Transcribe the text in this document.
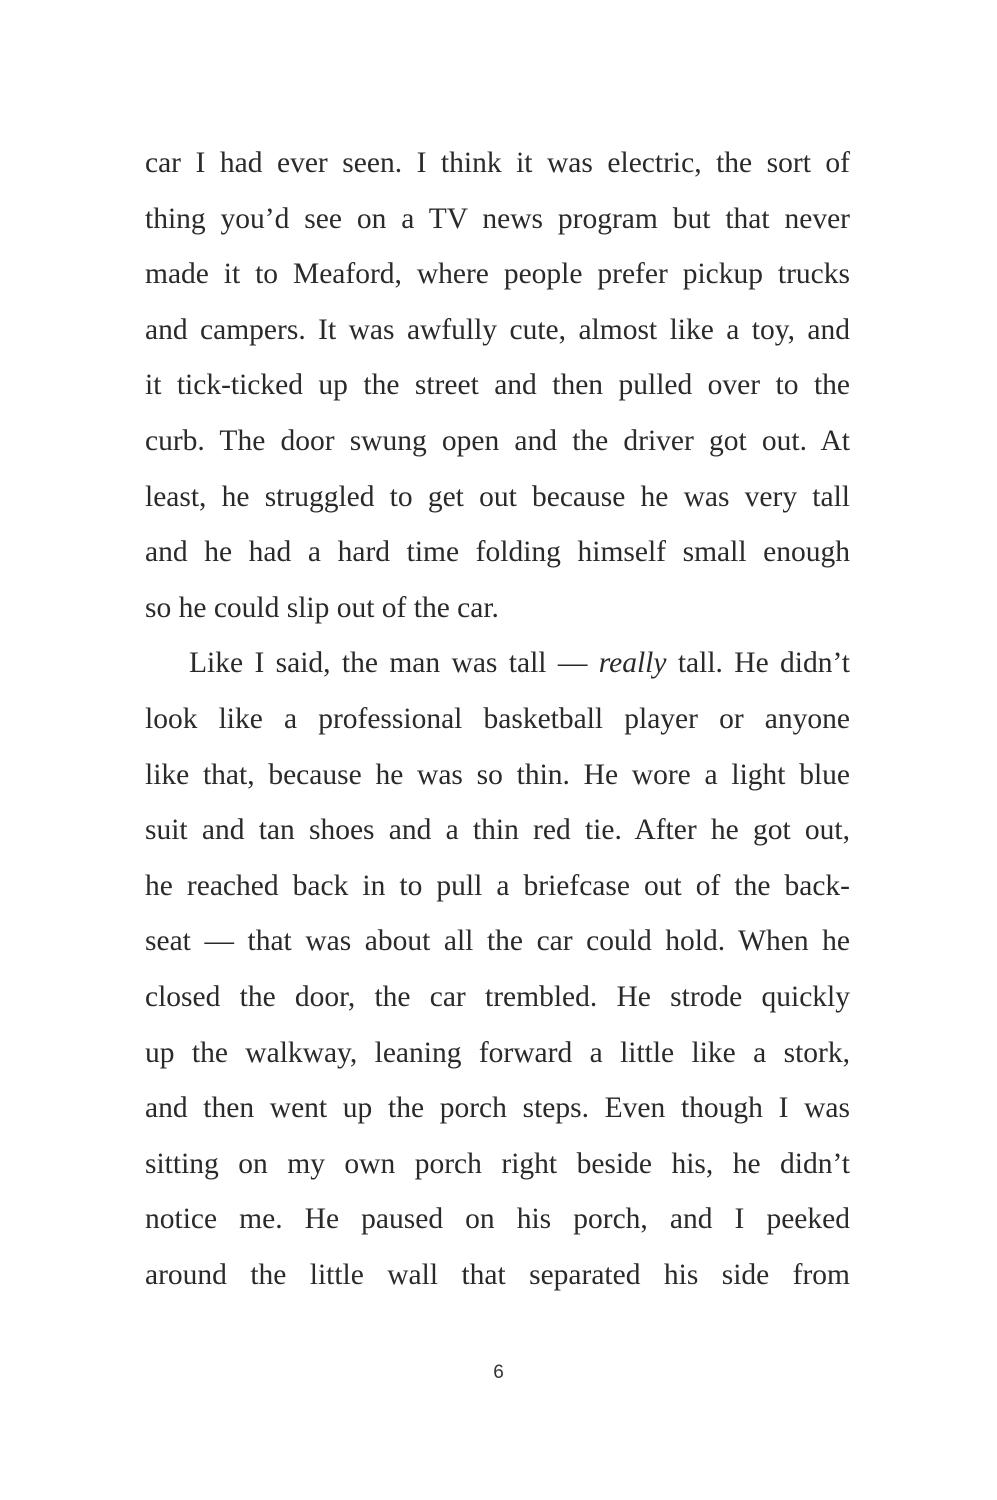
car I had ever seen. I think it was electric, the sort of
thing you’d see on a TV news program but that never
made it to Meaford, where people prefer pickup trucks
and campers. It was awfully cute, almost like a toy, and
it tick-ticked up the street and then pulled over to the
curb. The door swung open and the driver got out. At
least, he struggled to get out because he was very tall
and he had a hard time folding himself small enough
so he could slip out of the car.

Like I said, the man was tall — really tall. He didn’t
look like a professional basketball player or anyone
like that, because he was so thin. He wore a light blue
suit and tan shoes and a thin red tie. After he got out,
he reached back in to pull a briefcase out of the back-
seat — that was about all the car could hold. When he
closed the door, the car trembled. He strode quickly
up the walkway, leaning forward a little like a stork,
and then went up the porch steps. Even though I was
sitting on my own porch right beside his, he didn’t
notice me. He paused on his porch, and I peeked
around the little wall that separated his side from

6
